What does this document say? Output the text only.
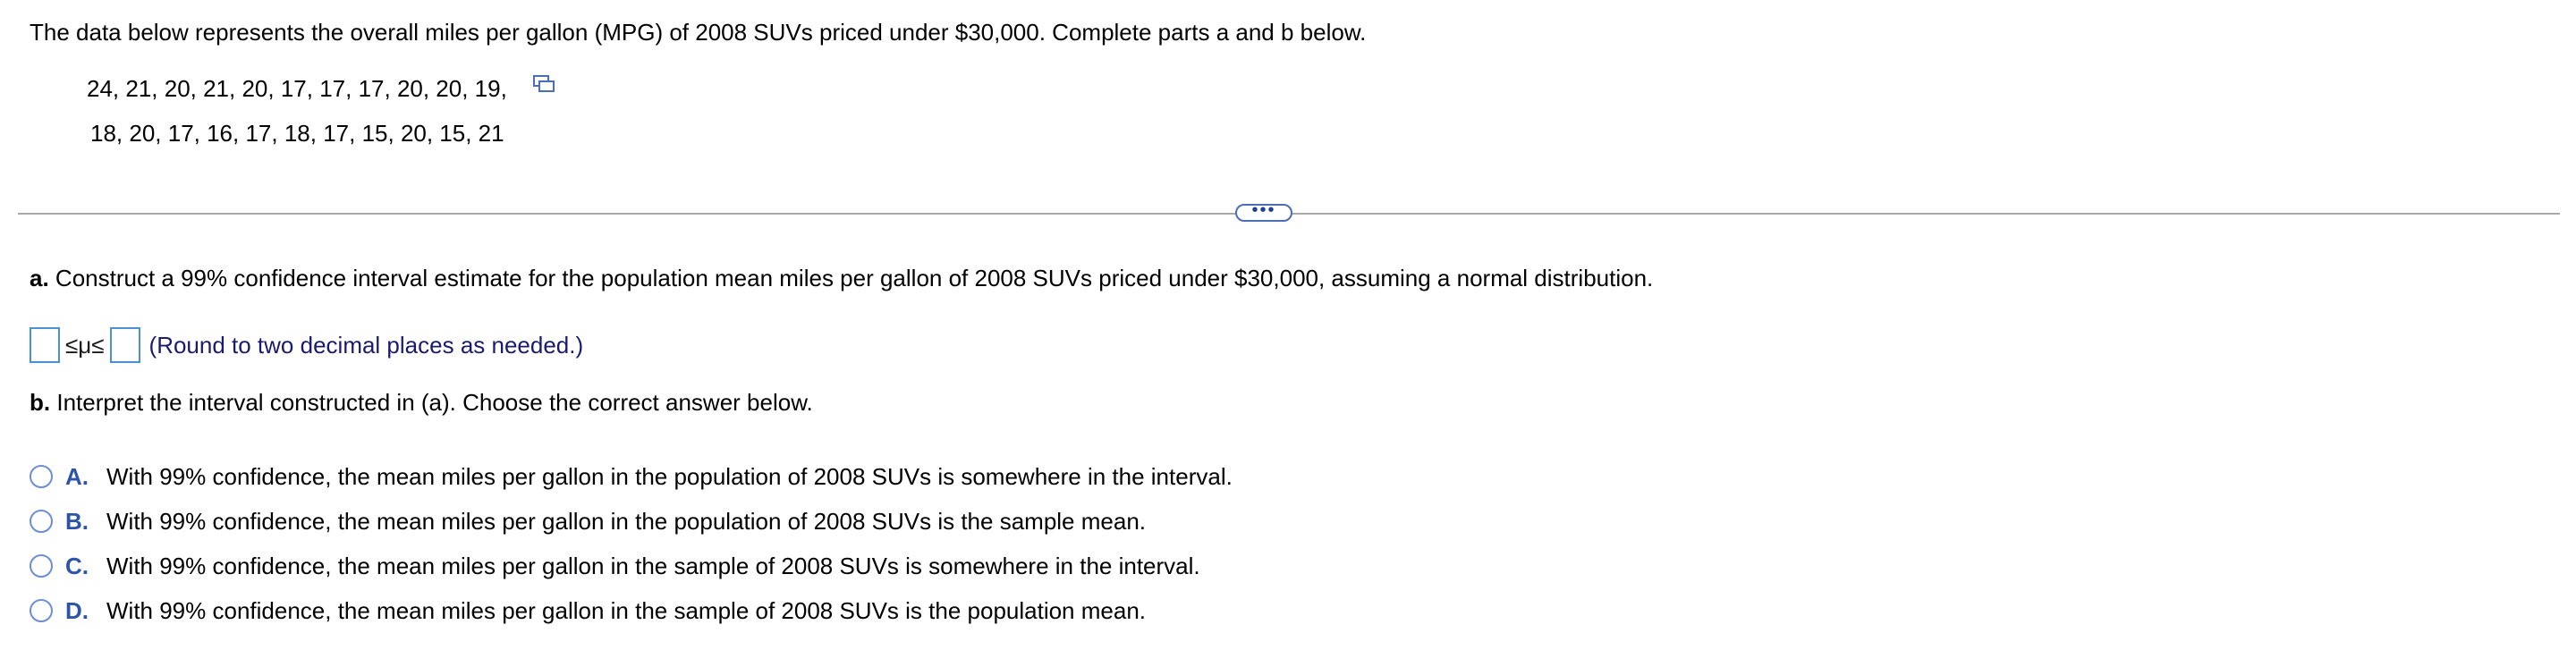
The data below represents the overall miles per gallon (MPG) of 2008 SUVs priced under $30,000. Complete parts a and b below.
24, 21, 20, 21, 20, 17, 17, 17, 20, 20, 19,
18, 20, 17, 16, 17, 18, 17, 15, 20, 15, 21
•••
a. Construct a 99% confidence interval estimate for the population mean miles per gallon of 2008 SUVs priced under $30,000, assuming a normal distribution.
≤μ≤ (Round to two decimal places as needed.)
b. Interpret the interval constructed in (a). Choose the correct answer below.
A. With 99% confidence, the mean miles per gallon in the population of 2008 SUVs is somewhere in the interval.
B. With 99% confidence, the mean miles per gallon in the population of 2008 SUVs is the sample mean.
C. With 99% confidence, the mean miles per gallon in the sample of 2008 SUVs is somewhere in the interval.
D. With 99% confidence, the mean miles per gallon in the sample of 2008 SUVs is the population mean.
